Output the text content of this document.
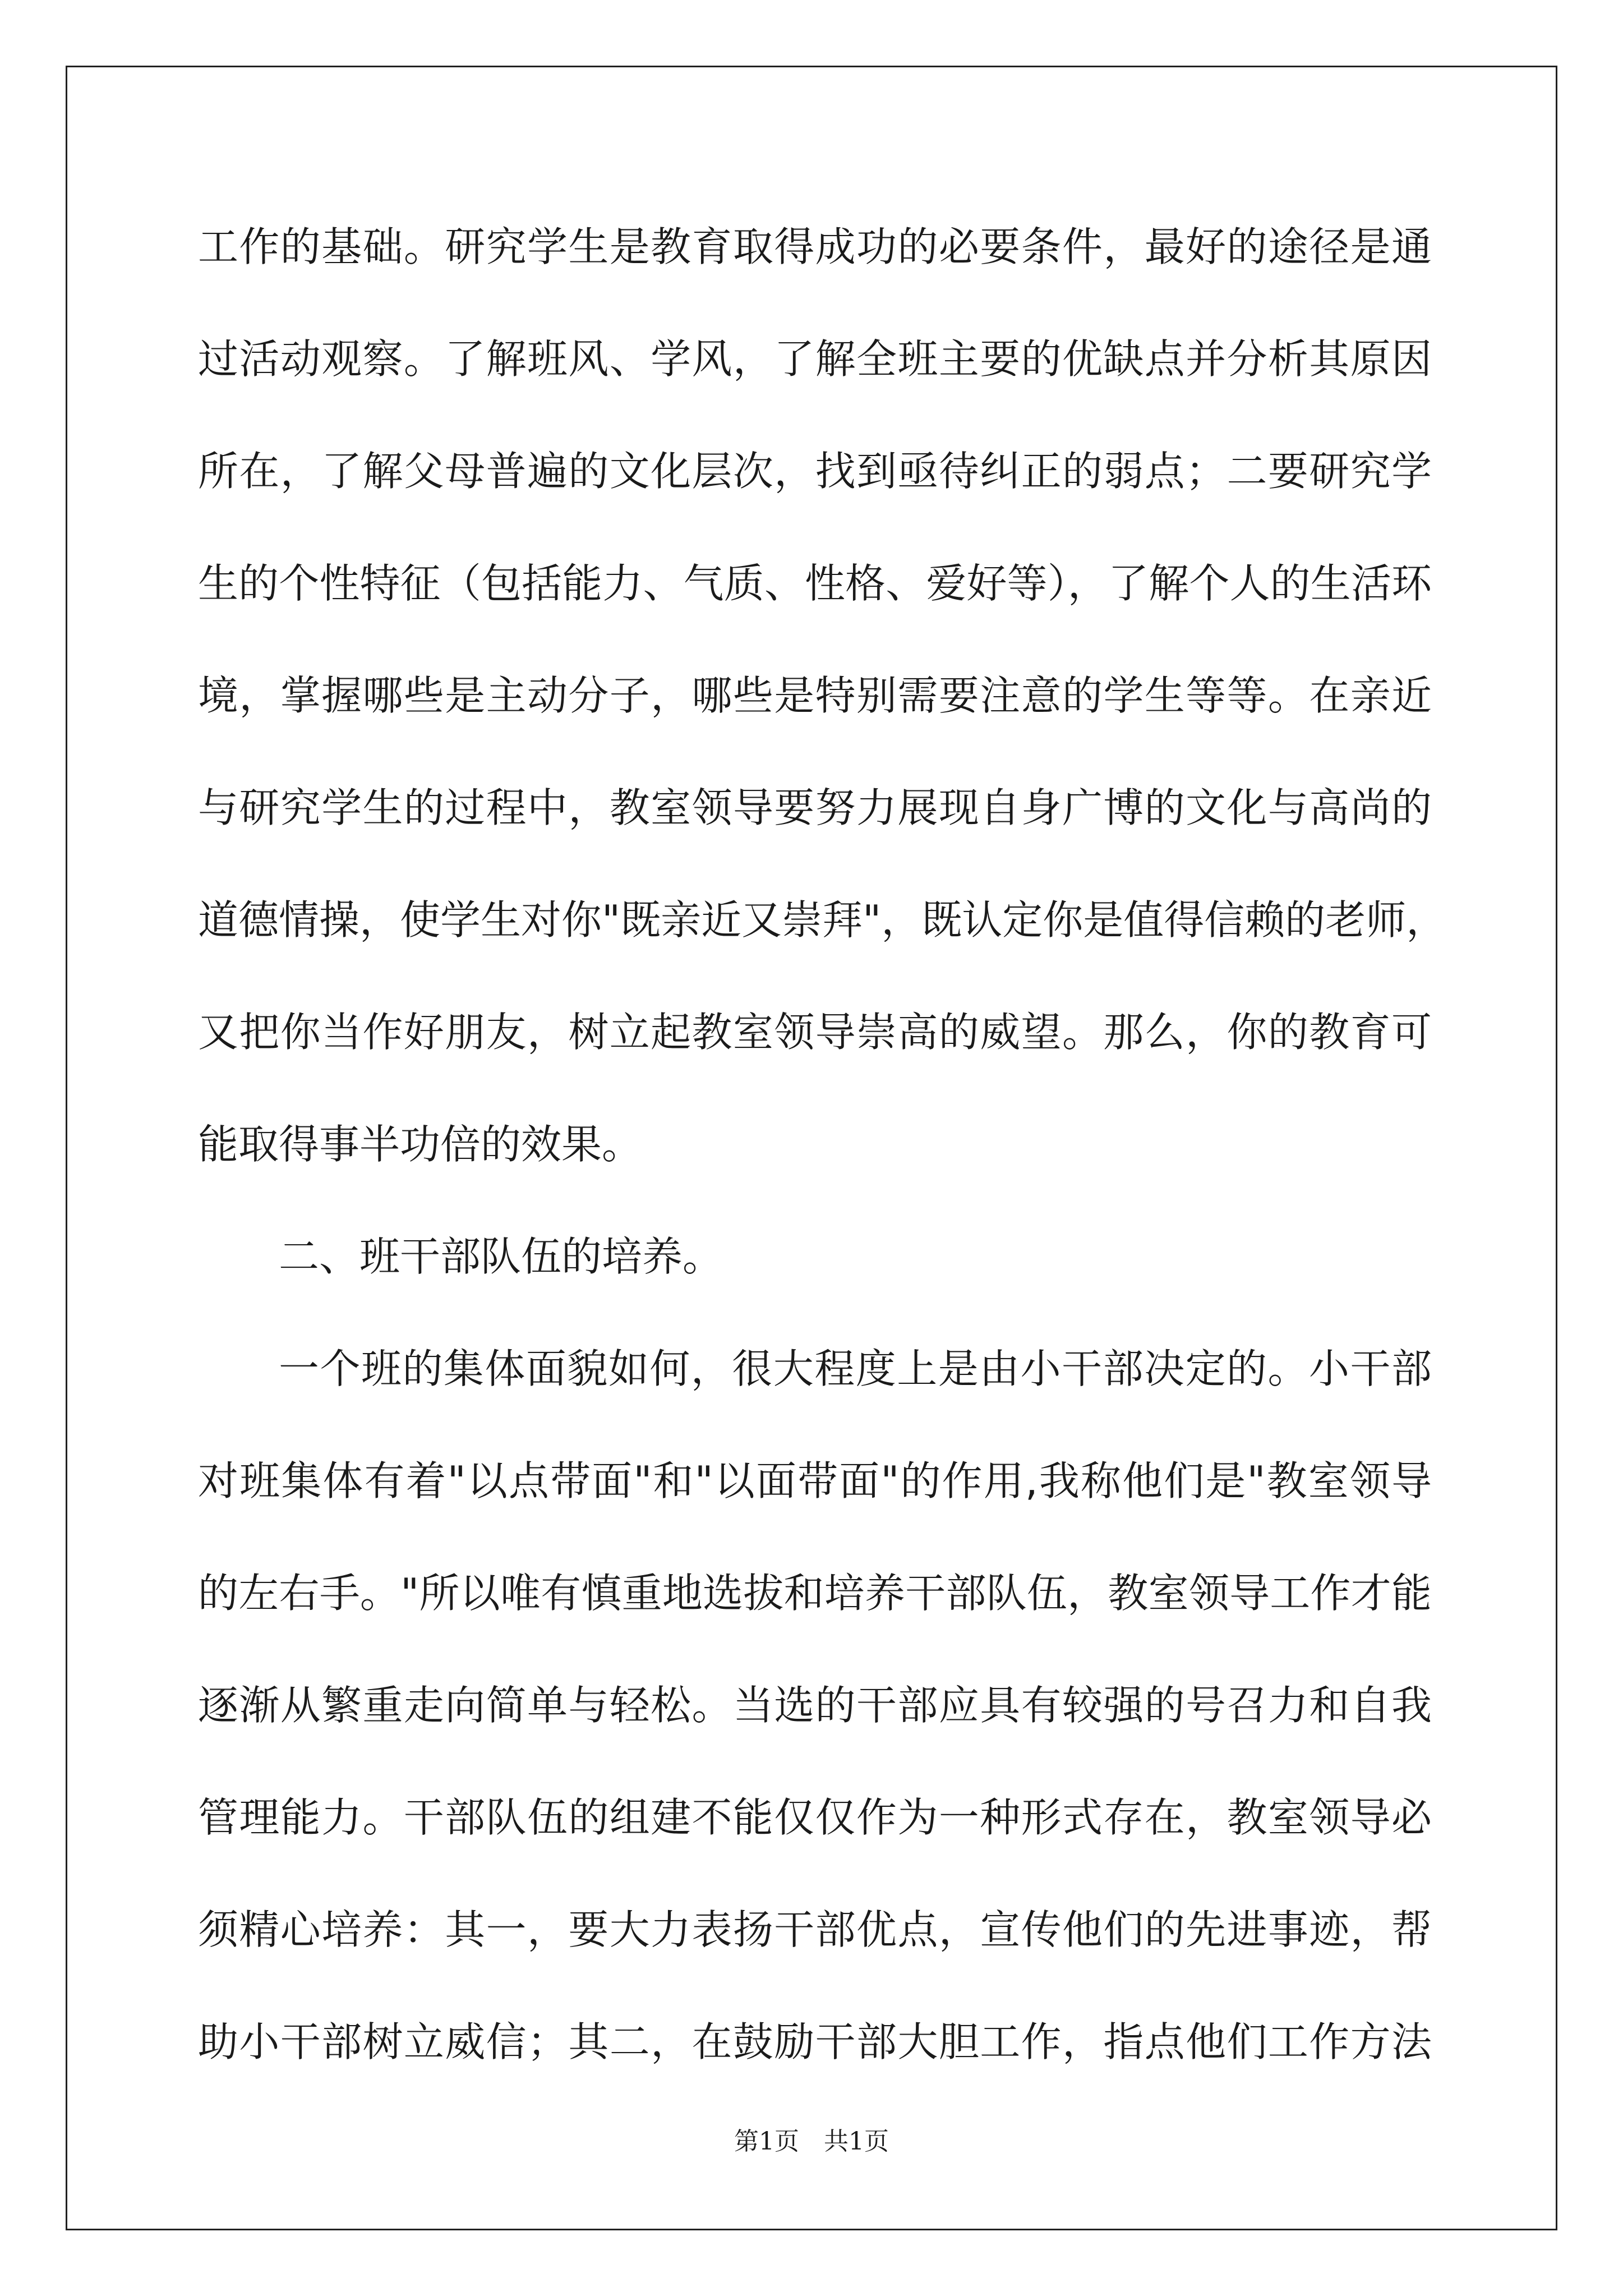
工作的基础。研究学生是教育取得成功的必要条件，最好的途径是通
过活动观察。了解班风、学风，了解全班主要的优缺点并分析其原因
所在，了解父母普遍的文化层次，找到亟待纠正的弱点；二要研究学
生的个性特征（包括能力、气质、性格、爱好等），了解个人的生活环
境，掌握哪些是主动分子，哪些是特别需要注意的学生等等。在亲近
与研究学生的过程中，教室领导要努力展现自身广博的文化与高尚的
道德情操，使学生对你"既亲近又崇拜"，既认定你是值得信赖的老师，
又把你当作好朋友，树立起教室领导崇高的威望。那么，你的教育可
能取得事半功倍的效果。
二、班干部队伍的培养。
一个班的集体面貌如何，很大程度上是由小干部决定的。小干部
对班集体有着"以点带面"和"以面带面"的作用,我称他们是"教室领导
的左右手。"所以唯有慎重地选拔和培养干部队伍，教室领导工作才能
逐渐从繁重走向简单与轻松。当选的干部应具有较强的号召力和自我
管理能力。干部队伍的组建不能仅仅作为一种形式存在，教室领导必
须精心培养：其一，要大力表扬干部优点，宣传他们的先进事迹，帮
助小干部树立威信；其二，在鼓励干部大胆工作，指点他们工作方法
第1页 共1页
